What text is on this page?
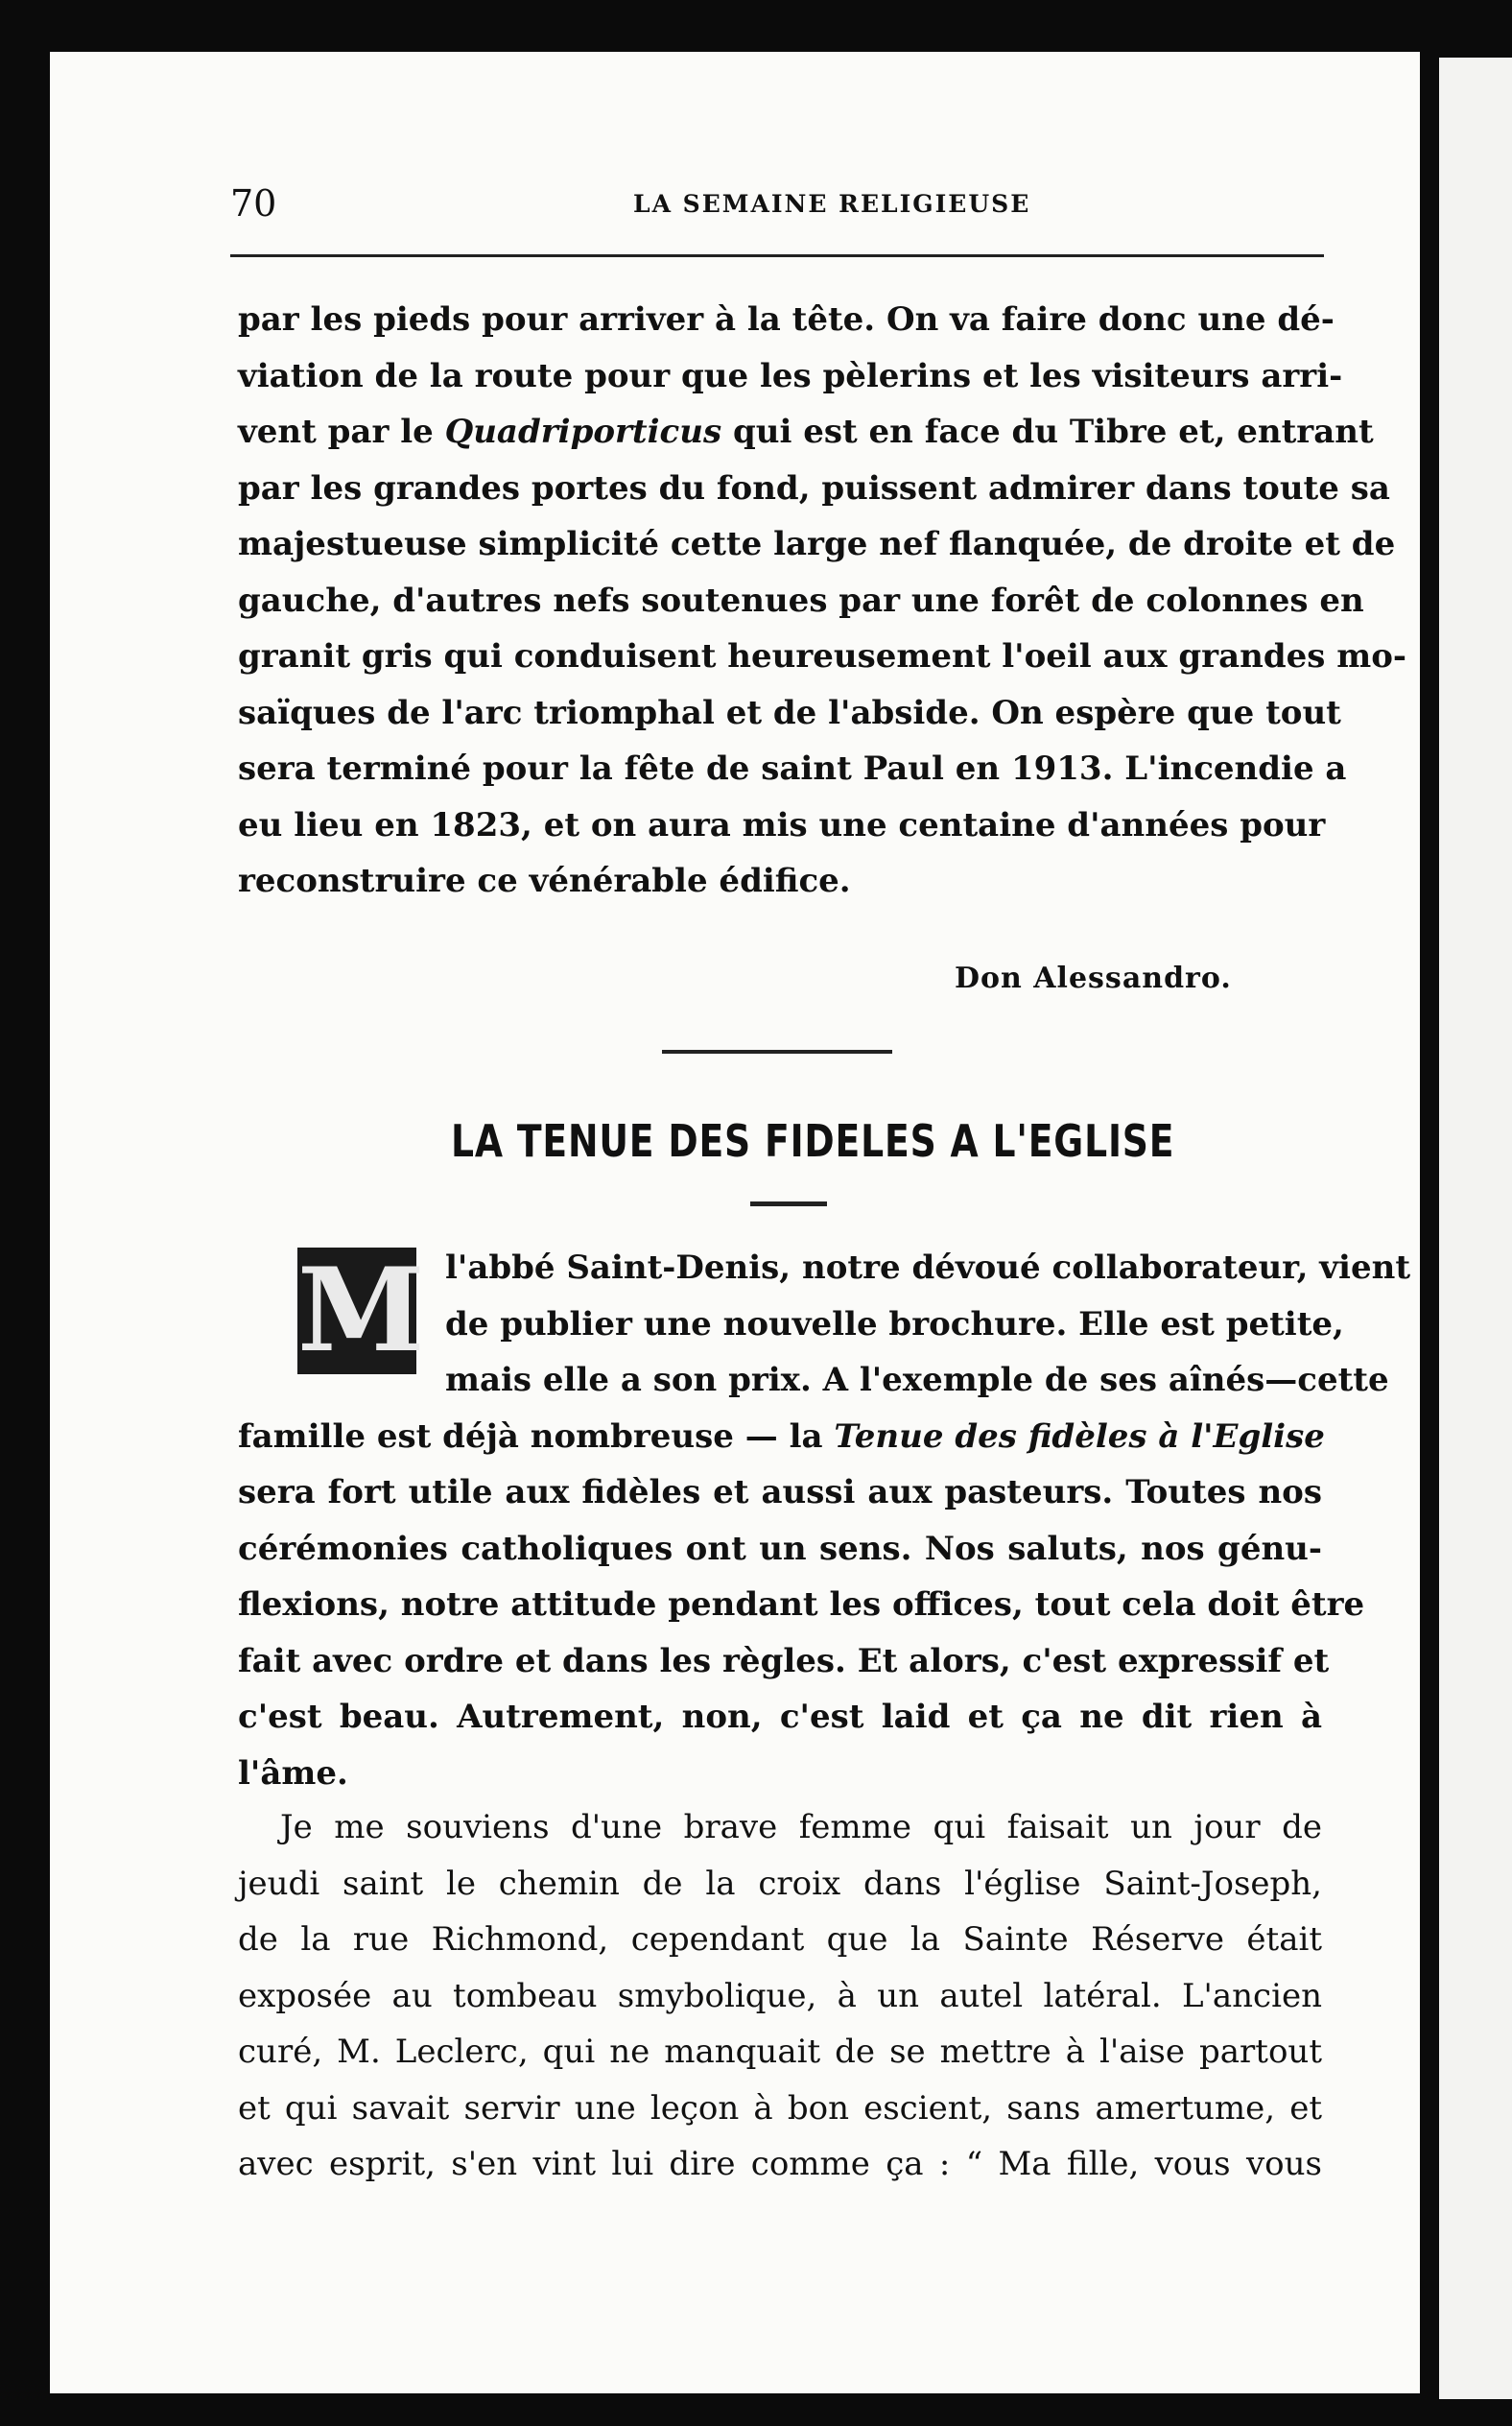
70	LA SEMAINE RELIGIEUSE
par les pieds pour arriver à la tête. On va faire donc une dé-
viation de la route pour que les pèlerins et les visiteurs arri-
vent par le Quadriporticus qui est en face du Tibre et, entrant
par les grandes portes du fond, puissent admirer dans toute sa
majestueuse simplicité cette large nef flanquée, de droite et de
gauche, d'autres nefs soutenues par une forêt de colonnes en
granit gris qui conduisent heureusement l'oeil aux grandes mo-
saïques de l'arc triomphal et de l'abside. On espère que tout
sera terminé pour la fête de saint Paul en 1913. L'incendie a
eu lieu en 1823, et on aura mis une centaine d'années pour
reconstruire ce vénérable édifice.
Don Alessandro.
LA TENUE DES FIDELES A L'EGLISE
M l'abbé Saint-Denis, notre dévoué collaborateur, vient
de publier une nouvelle brochure. Elle est petite,
mais elle a son prix. A l'exemple de ses aînés—cette
famille est déjà nombreuse — la Tenue des fidèles à l'Eglise
sera fort utile aux fidèles et aussi aux pasteurs. Toutes nos
cérémonies catholiques ont un sens. Nos saluts, nos génu-
flexions, notre attitude pendant les offices, tout cela doit être
fait avec ordre et dans les règles. Et alors, c'est expressif et
c'est beau. Autrement, non, c'est laid et ça ne dit rien à
l'âme.
Je me souviens d'une brave femme qui faisait un jour de
jeudi saint le chemin de la croix dans l'église Saint-Joseph,
de la rue Richmond, cependant que la Sainte Réserve était
exposée au tombeau smybolique, à un autel latéral. L'ancien
curé, M. Leclerc, qui ne manquait de se mettre à l'aise partout
et qui savait servir une leçon à bon escient, sans amertume, et
avec esprit, s'en vint lui dire comme ça : “ Ma fille, vous vous
